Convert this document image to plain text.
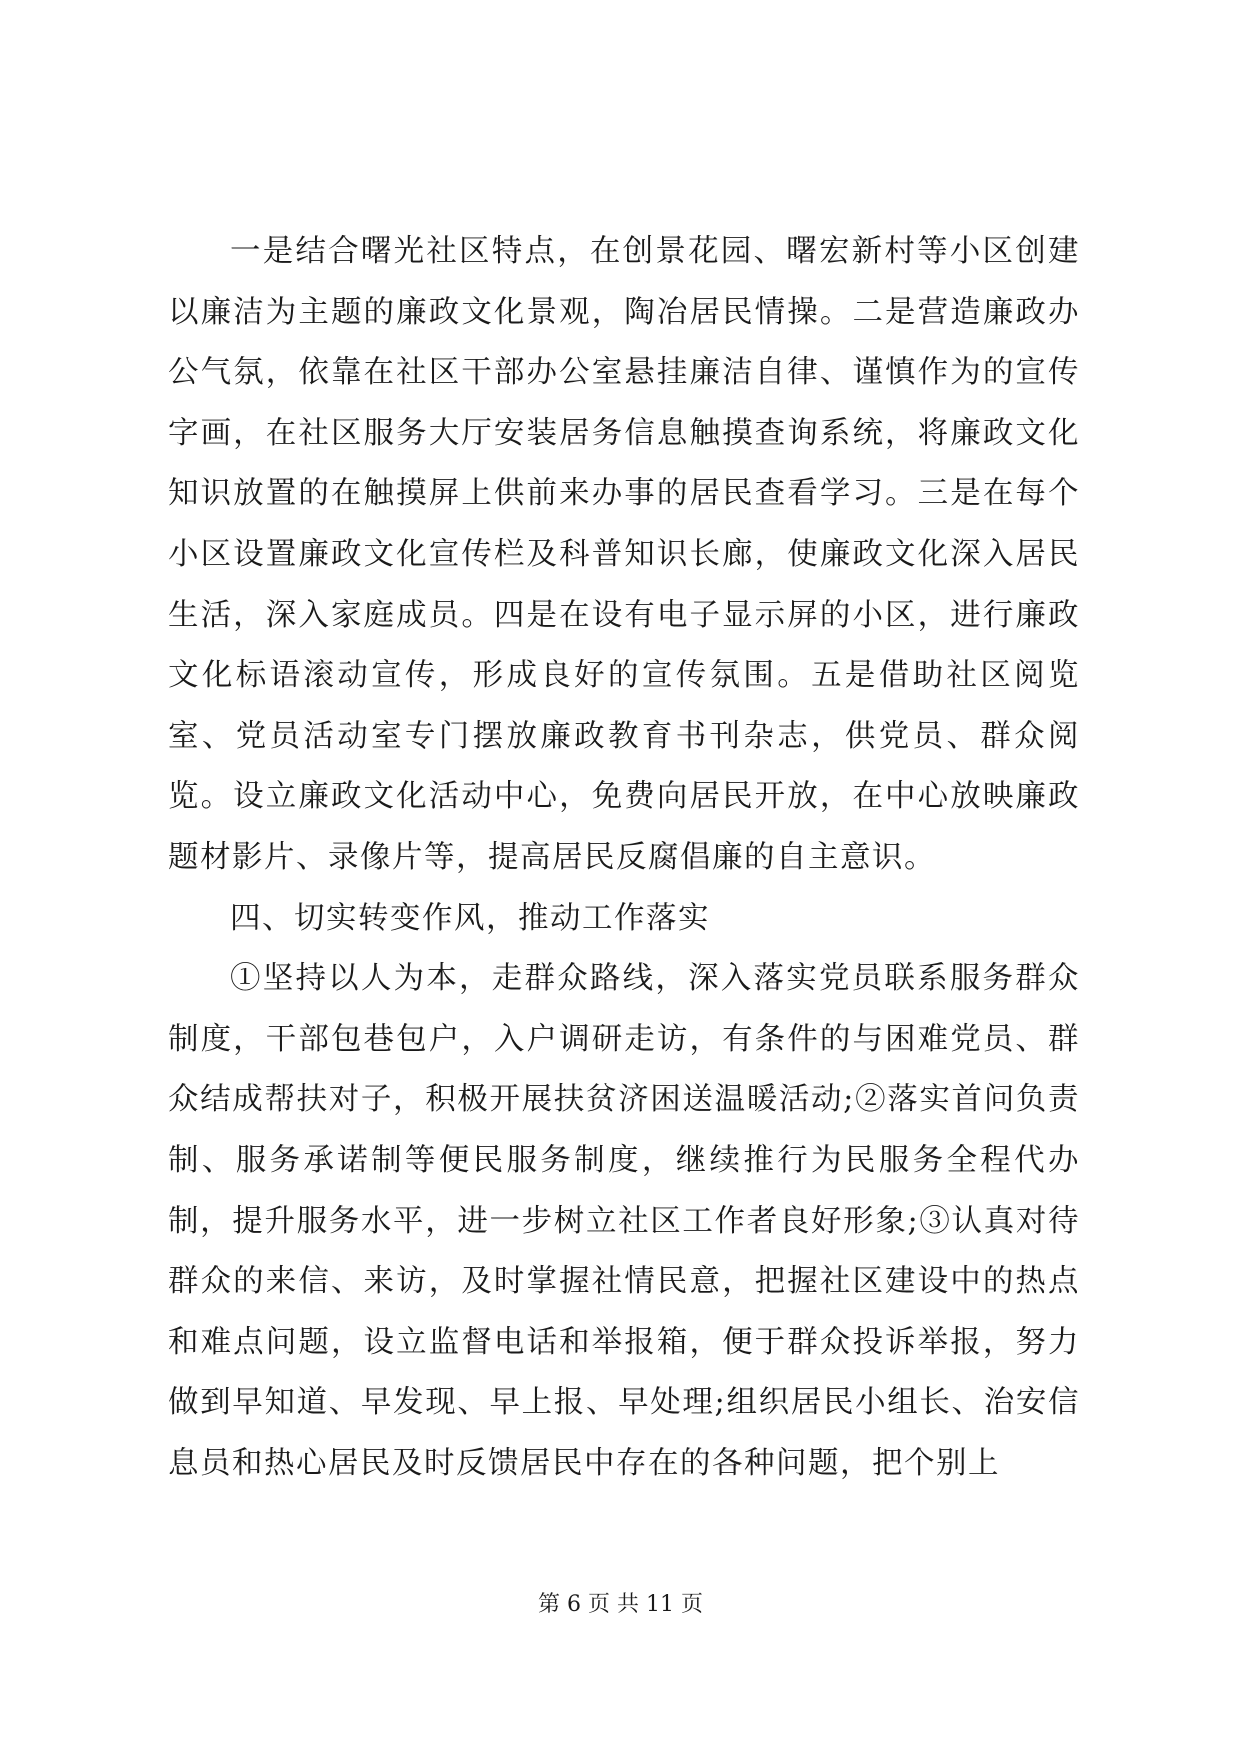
一是结合曙光社区特点，在创景花园、曙宏新村等小区创建以廉洁为主题的廉政文化景观，陶冶居民情操。二是营造廉政办公气氛，依靠在社区干部办公室悬挂廉洁自律、谨慎作为的宣传字画，在社区服务大厅安装居务信息触摸查询系统，将廉政文化知识放置的在触摸屏上供前来办事的居民查看学习。三是在每个小区设置廉政文化宣传栏及科普知识长廊，使廉政文化深入居民生活，深入家庭成员。四是在设有电子显示屏的小区，进行廉政文化标语滚动宣传，形成良好的宣传氛围。五是借助社区阅览室、党员活动室专门摆放廉政教育书刊杂志，供党员、群众阅览。设立廉政文化活动中心，免费向居民开放，在中心放映廉政题材影片、录像片等，提高居民反腐倡廉的自主意识。

四、切实转变作风，推动工作落实

①坚持以人为本，走群众路线，深入落实党员联系服务群众制度，干部包巷包户，入户调研走访，有条件的与困难党员、群众结成帮扶对子，积极开展扶贫济困送温暖活动;②落实首问负责制、服务承诺制等便民服务制度，继续推行为民服务全程代办制，提升服务水平，进一步树立社区工作者良好形象;③认真对待群众的来信、来访，及时掌握社情民意，把握社区建设中的热点和难点问题，设立监督电话和举报箱，便于群众投诉举报，努力做到早知道、早发现、早上报、早处理;组织居民小组长、治安信息员和热心居民及时反馈居民中存在的各种问题，把个别上

第 6 页 共 11 页
